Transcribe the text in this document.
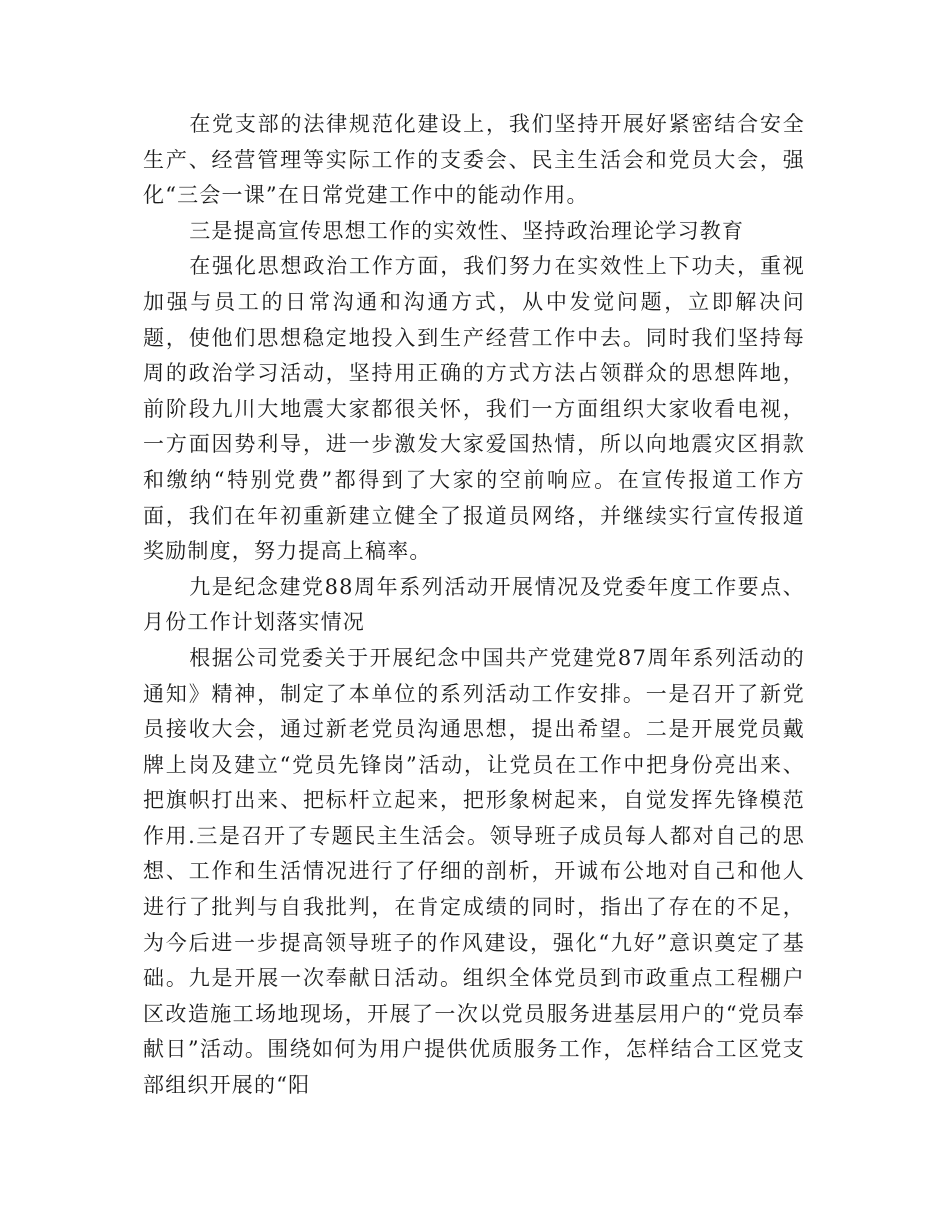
在党支部的法律规范化建设上，我们坚持开展好紧密结合安全生产、经营管理等实际工作的支委会、民主生活会和党员大会，强化“三会一课”在日常党建工作中的能动作用。

三是提高宣传思想工作的实效性、坚持政治理论学习教育

在强化思想政治工作方面，我们努力在实效性上下功夫，重视加强与员工的日常沟通和沟通方式，从中发觉问题，立即解决问题，使他们思想稳定地投入到生产经营工作中去。同时我们坚持每周的政治学习活动，坚持用正确的方式方法占领群众的思想阵地，前阶段九川大地震大家都很关怀，我们一方面组织大家收看电视，一方面因势利导，进一步激发大家爱国热情，所以向地震灾区捐款和缴纳“特别党费”都得到了大家的空前响应。在宣传报道工作方面，我们在年初重新建立健全了报道员网络，并继续实行宣传报道奖励制度，努力提高上稿率。

九是纪念建党88周年系列活动开展情况及党委年度工作要点、月份工作计划落实情况

根据公司党委关于开展纪念中国共产党建党87周年系列活动的通知》精神，制定了本单位的系列活动工作安排。一是召开了新党员接收大会，通过新老党员沟通思想，提出希望。二是开展党员戴牌上岗及建立“党员先锋岗”活动，让党员在工作中把身份亮出来、把旗帜打出来、把标杆立起来，把形象树起来，自觉发挥先锋模范作用.三是召开了专题民主生活会。领导班子成员每人都对自己的思想、工作和生活情况进行了仔细的剖析，开诚布公地对自己和他人进行了批判与自我批判，在肯定成绩的同时，指出了存在的不足，为今后进一步提高领导班子的作风建设，强化“九好”意识奠定了基础。九是开展一次奉献日活动。组织全体党员到市政重点工程棚户区改造施工场地现场，开展了一次以党员服务进基层用户的“党员奉献日”活动。围绕如何为用户提供优质服务工作，怎样结合工区党支部组织开展的“阳
